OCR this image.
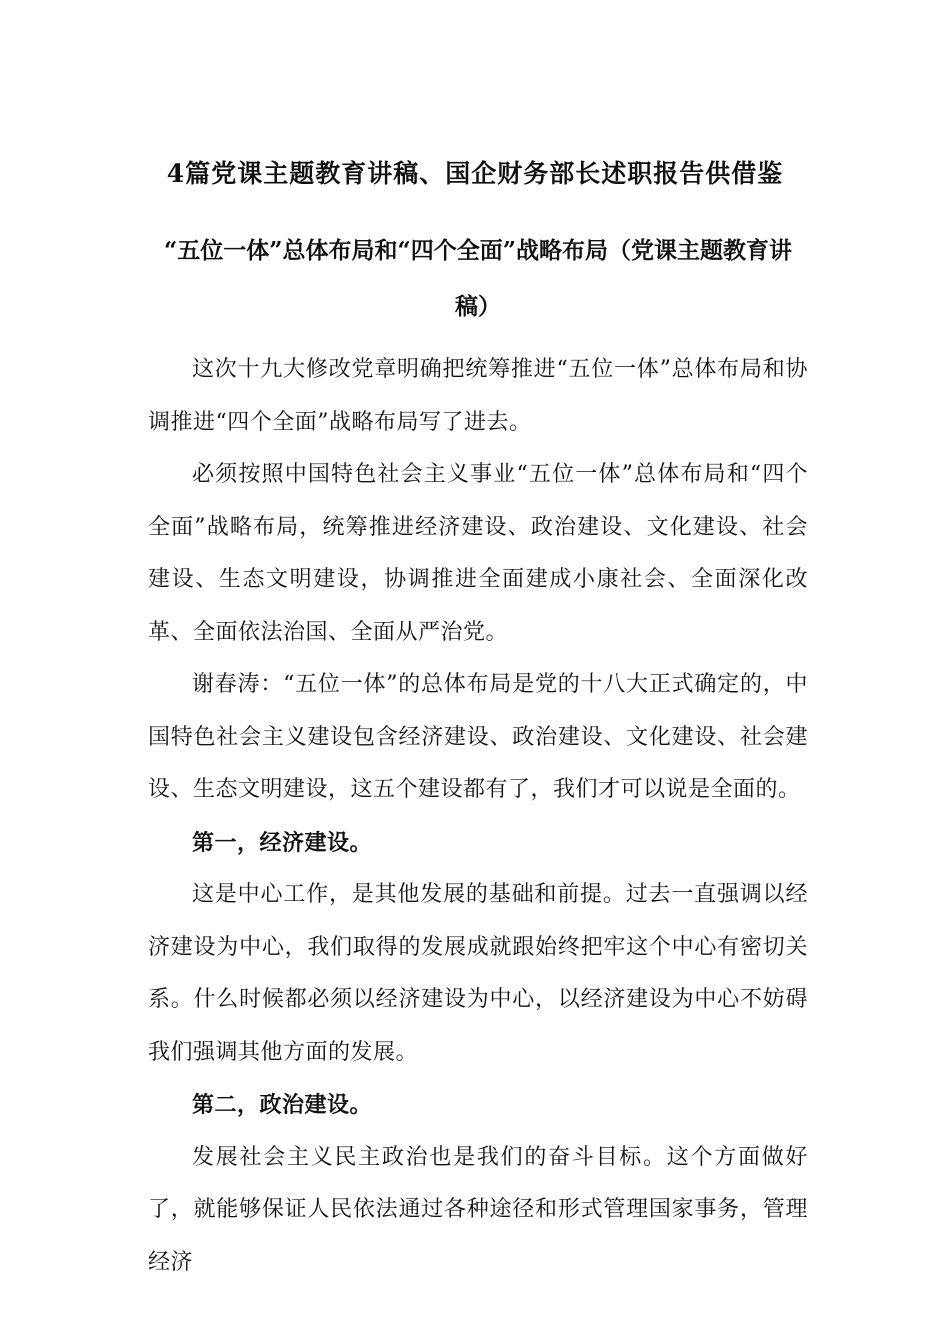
4篇党课主题教育讲稿、国企财务部长述职报告供借鉴
“五位一体”总体布局和“四个全面”战略布局（党课主题教育讲稿）

这次十九大修改党章明确把统筹推进“五位一体”总体布局和协调推进“四个全面”战略布局写了进去。

必须按照中国特色社会主义事业“五位一体”总体布局和“四个全面”战略布局，统筹推进经济建设、政治建设、文化建设、社会建设、生态文明建设，协调推进全面建成小康社会、全面深化改革、全面依法治国、全面从严治党。

谢春涛：“五位一体”的总体布局是党的十八大正式确定的，中国特色社会主义建设包含经济建设、政治建设、文化建设、社会建设、生态文明建设，这五个建设都有了，我们才可以说是全面的。

第一，经济建设。

这是中心工作，是其他发展的基础和前提。过去一直强调以经济建设为中心，我们取得的发展成就跟始终把牢这个中心有密切关系。什么时候都必须以经济建设为中心，以经济建设为中心不妨碍我们强调其他方面的发展。

第二，政治建设。

发展社会主义民主政治也是我们的奋斗目标。这个方面做好了，就能够保证人民依法通过各种途径和形式管理国家事务，管理经济
